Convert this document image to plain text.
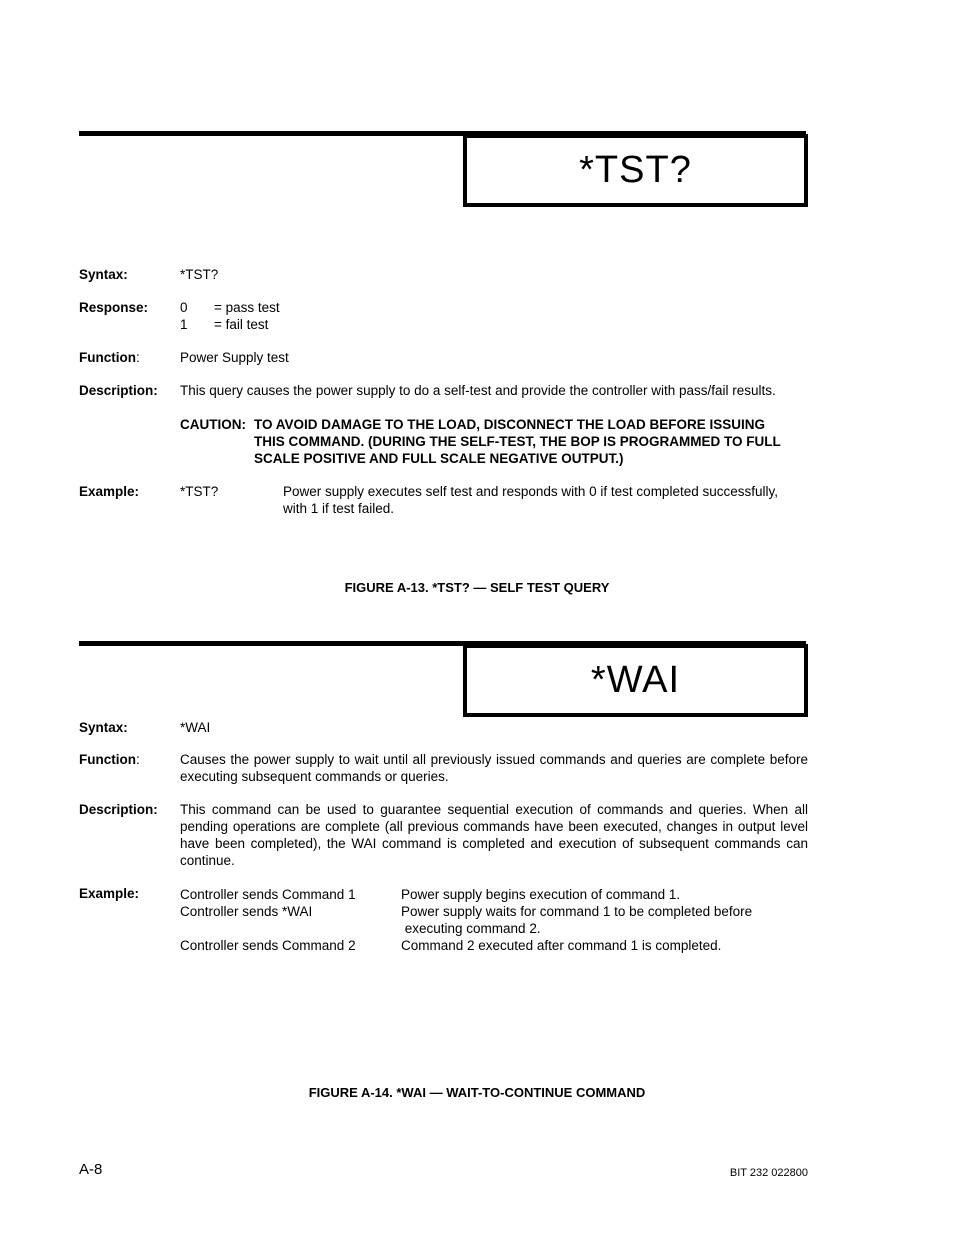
*TST?
Syntax:	*TST?
Response: 0 = pass test
1 = fail test
Function:	Power Supply test
Description: This query causes the power supply to do a self-test and provide the controller with pass/fail results.
CAUTION: TO AVOID DAMAGE TO THE LOAD, DISCONNECT THE LOAD BEFORE ISSUING
THIS COMMAND. (DURING THE SELF-TEST, THE BOP IS PROGRAMMED TO FULL
SCALE POSITIVE AND FULL SCALE NEGATIVE OUTPUT.)
Example:	*TST?	Power supply executes self test and responds with 0 if test completed successfully,
with 1 if test failed.
FIGURE A-13. *TST? — SELF TEST QUERY
*WAI
Syntax:	*WAI
Function:	Causes the power supply to wait until all previously issued commands and queries are complete before executing subsequent commands or queries.
Description: This command can be used to guarantee sequential execution of commands and queries. When all pending operations are complete (all previous commands have been executed, changes in output level have been completed), the WAI command is completed and execution of subsequent commands can continue.
Example:	Controller sends Command 1	Power supply begins execution of command 1.
Controller sends *WAI	Power supply waits for command 1 to be completed before
executing command 2.
Controller sends Command 2	Command 2 executed after command 1 is completed.
FIGURE A-14. *WAI — WAIT-TO-CONTINUE COMMAND
A-8	BIT 232 022800
